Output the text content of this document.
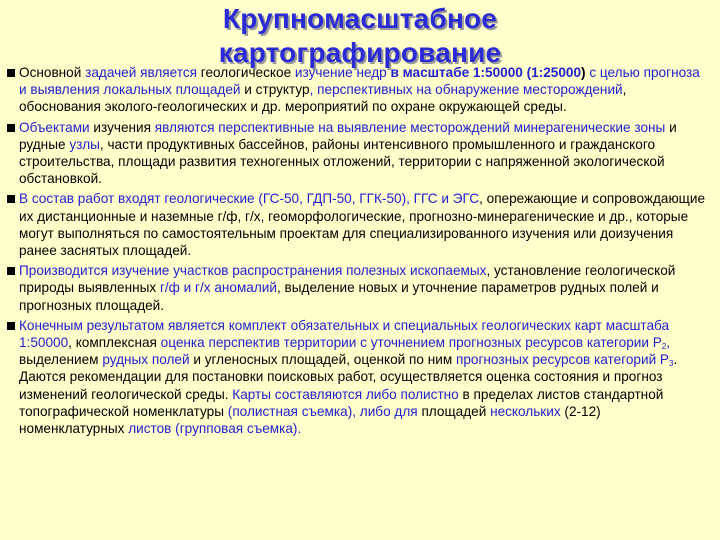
Крупномасштабное
картографирование
Основной задачей является геологическое изучение недр в масштабе 1:50000 (1:25000) с целью прогноза и выявления локальных площадей и структур, перспективных на обнаружение месторождений, обоснования эколого-геологических и др. мероприятий по охране окружающей среды.
Объектами изучения являются перспективные на выявление месторождений минерагенические зоны и рудные узлы, части продуктивных бассейнов, районы интенсивного промышленного и гражданского строительства, площади развития техногенных отложений, территории с напряженной экологической обстановкой.
В состав работ входят геологические (ГС-50, ГДП-50, ГГК-50), ГГС и ЭГС, опережающие и сопровождающие их дистанционные и наземные г/ф, г/х, геоморфологические, прогнозно-минерагенические и др., которые могут выполняться по самостоятельным проектам для специализированного изучения или доизучения ранее заснятых площадей.
Производится изучение участков распространения полезных ископаемых, установление геологической природы выявленных г/ф и г/х аномалий, выделение новых и уточнение параметров рудных полей и прогнозных площадей.
Конечным результатом является комплект обязательных и специальных геологических карт масштаба 1:50000, комплексная оценка перспектив территории с уточнением прогнозных ресурсов категории $Р_2$, выделением рудных полей и угленосных площадей, оценкой по ним прогнозных ресурсов категорий $Р_3$. Даются рекомендации для постановки поисковых работ, осуществляется оценка состояния и прогноз изменений геологической среды. Карты составляются либо полистно в пределах листов стандартной топографической номенклатуры (полистная съемка), либо для площадей нескольких (2-12) номенклатурных листов (групповая съемка).
